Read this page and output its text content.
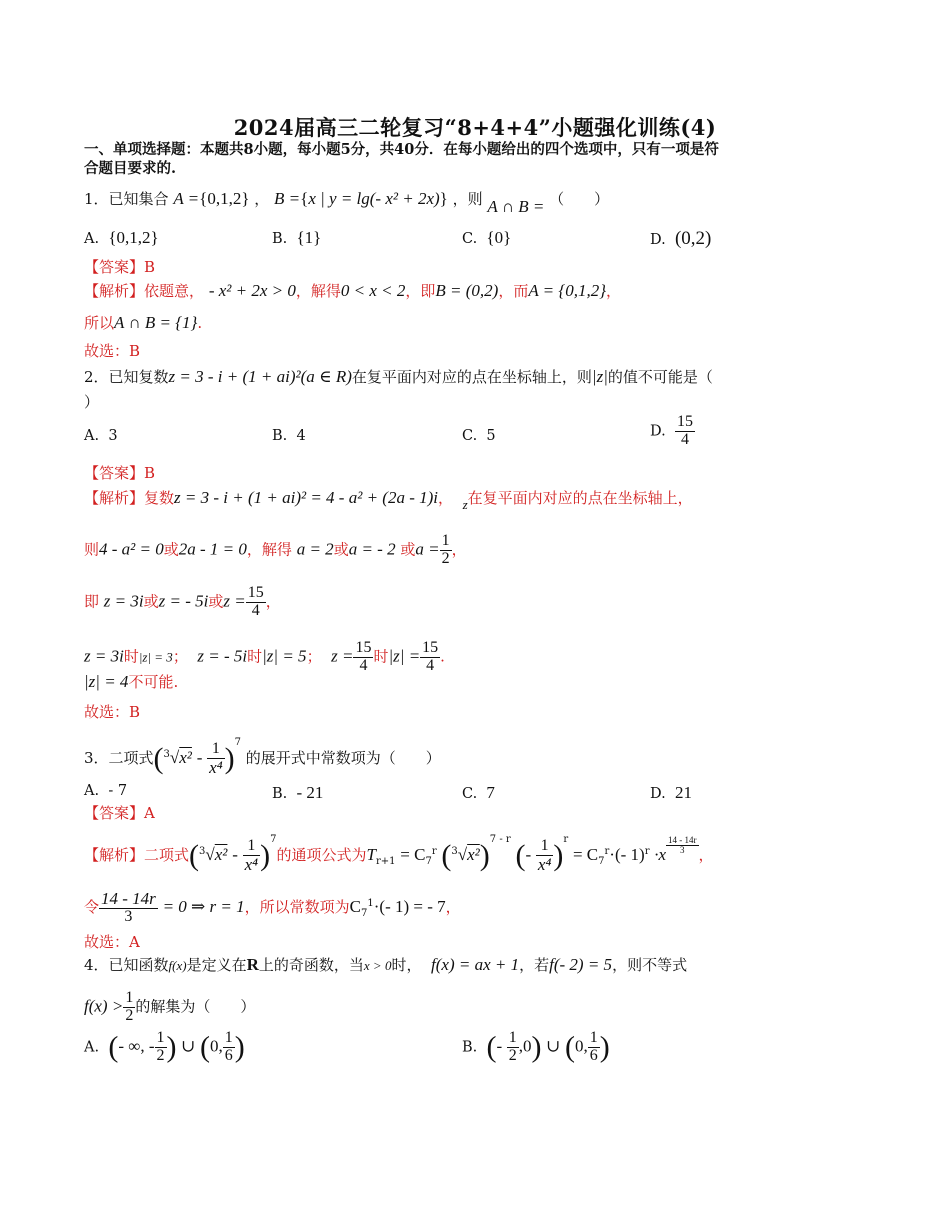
2024届高三二轮复习“8+4+4”小题强化训练(4)
一、单项选择题：本题共8小题，每小题5分，共40分．在每小题给出的四个选项中，只有一项是符
合题目要求的.
1．已知集合 A ={0,1,2} ， B ={x | y = lg(- x² + 2x)} ，则 A ∩ B = （　　）
A. {0,1,2}	B. {1}	C. {0}	D. (0,2)
【答案】B
【解析】依题意， - x² + 2x > 0，解得0 < x < 2，即B = (0,2)，而A = {0,1,2}，
所以A ∩ B = {1}.
故选：B
2．已知复数z = 3 - i + (1 + ai)²(a ∈ R)在复平面内对应的点在坐标轴上，则|z|的值不可能是（
）
A. 3	B. 4	C. 5	D. $\frac{15}{4}$
【答案】B
【解析】复数z = 3 - i + (1 + ai)² = 4 - a² + (2a - 1)i， z在复平面内对应的点在坐标轴上，
则4 - a² = 0或2a - 1 = 0，解得 a = 2或a = - 2 或$a = \frac{1}{2}$ ，
即 z = 3i或z = - 5i或$z = \frac{15}{4}$ ，
z = 3i时|z| = 3； z = - 5i时|z| = 5； $z = \frac{15}{4}$ 时$|z| = \frac{15}{4}$ .
|z| = 4不可能.
故选：B
3．二项式$(^3√x^2 - \frac{1}{\text{x⁴}} )^7$ 的展开式中常数项为（　　）
A. - 7	B. - 21	C. 7	D. 21
【答案】A
【解析】二项式$(^3√x^2 - \frac{1}{\text{x⁴}} )^7$的通项公式为$T_{r+1} = C_7^r$ $(^3√x^2)^{7 - r}$ (- $\frac{1}{\text{x⁴}} )^r = C_7^r\cdot(-$ $1)^r \cdot x \frac{14 - 14r}{3}$ ，
令 $\frac{14 - 14r}{3} = 0$ ⇒ r = 1，所以常数项为$C_7^1\cdot(-$ 1) = - 7，
故选：A
4．已知函数f(x)是定义在R上的奇函数，当x > 0时， f(x) = ax + 1，若f(- 2) = 5，则不等式
$f(x) > \frac{1}{2}$ 的解集为（　　）
A. (- ∞, - $\frac{1}{2}$ ) ∪ (0, $\frac{1}{6}$ )	B. (- $\frac{1}{2} ,0$) ∪ (0, $\frac{1}{6}$ )
